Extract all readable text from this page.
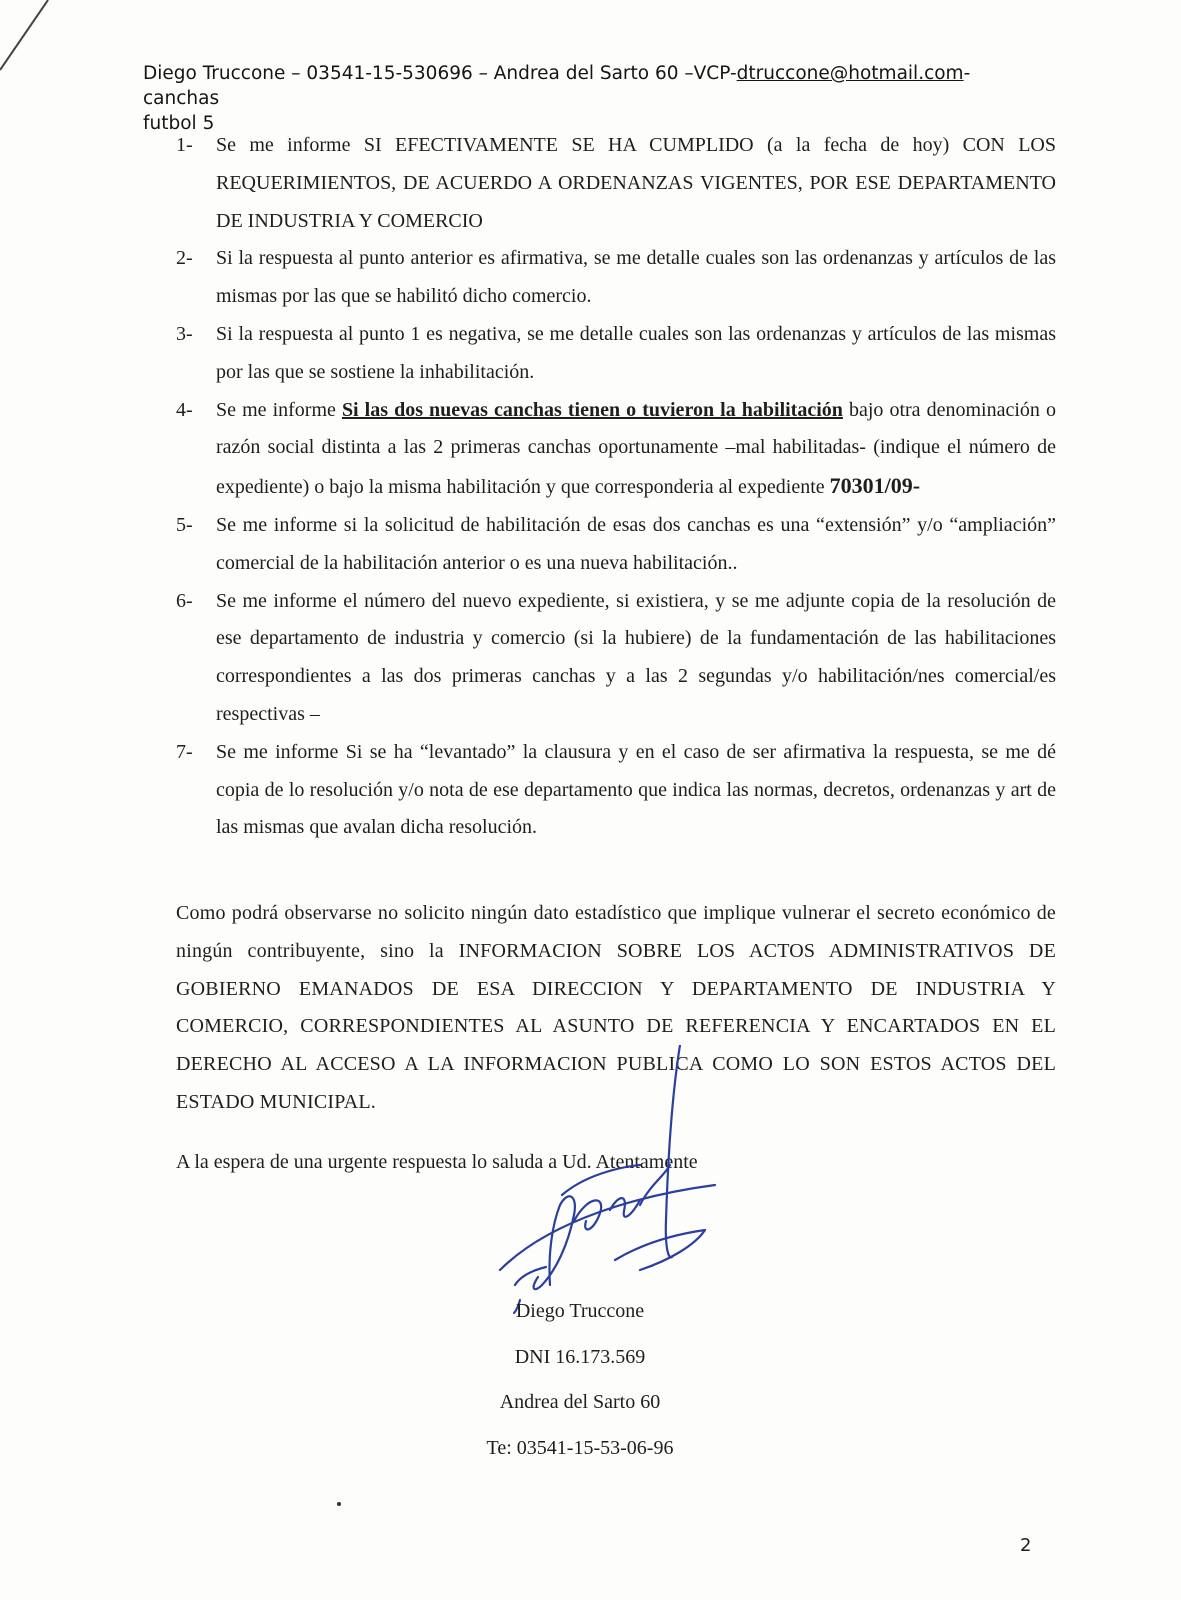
Diego Truccone – 03541-15-530696 – Andrea del Sarto 60 –VCP-dtruccone@hotmail.com- canchas
futbol 5
1-	Se me informe SI EFECTIVAMENTE SE HA CUMPLIDO (a la fecha de hoy) CON LOS REQUERIMIENTOS, DE ACUERDO A ORDENANZAS VIGENTES, POR ESE DEPARTAMENTO DE INDUSTRIA Y COMERCIO
2-	Si la respuesta al punto anterior es afirmativa, se me detalle cuales son las ordenanzas y artículos de las mismas por las que se habilitó dicho comercio.
3-	Si la respuesta al punto 1 es negativa, se me detalle cuales son las ordenanzas y artículos de las mismas por las que se sostiene la inhabilitación.
4-	Se me informe Si las dos nuevas canchas tienen o tuvieron la habilitación bajo otra denominación o razón social distinta a las 2 primeras canchas oportunamente –mal habilitadas- (indique el número de expediente) o bajo la misma habilitación y que corresponderia al expediente 70301/09-
5-	Se me informe si la solicitud de habilitación de esas dos canchas es una “extensión” y/o “ampliación” comercial de la habilitación anterior o es una nueva habilitación..
6-	Se me informe el número del nuevo expediente, si existiera, y se me adjunte copia de la resolución de ese departamento de industria y comercio (si la hubiere) de la fundamentación de las habilitaciones correspondientes a las dos primeras canchas y a las 2 segundas y/o habilitación/nes comercial/es respectivas –
7-	Se me informe Si se ha “levantado” la clausura y en el caso de ser afirmativa la respuesta, se me dé copia de lo resolución y/o nota de ese departamento que indica las normas, decretos, ordenanzas y art de las mismas que avalan dicha resolución.
Como podrá observarse no solicito ningún dato estadístico que implique vulnerar el secreto económico de ningún contribuyente, sino la INFORMACION SOBRE LOS ACTOS ADMINISTRATIVOS DE GOBIERNO EMANADOS DE ESA DIRECCION Y DEPARTAMENTO DE INDUSTRIA Y COMERCIO, CORRESPONDIENTES AL ASUNTO DE REFERENCIA Y ENCARTADOS EN EL DERECHO AL ACCESO A LA INFORMACION PUBLICA COMO LO SON ESTOS ACTOS DEL ESTADO MUNICIPAL.
A la espera de una urgente respuesta lo saluda a Ud. Atentamente
Diego Truccone
DNI 16.173.569
Andrea del Sarto 60
Te: 03541-15-53-06-96
2
